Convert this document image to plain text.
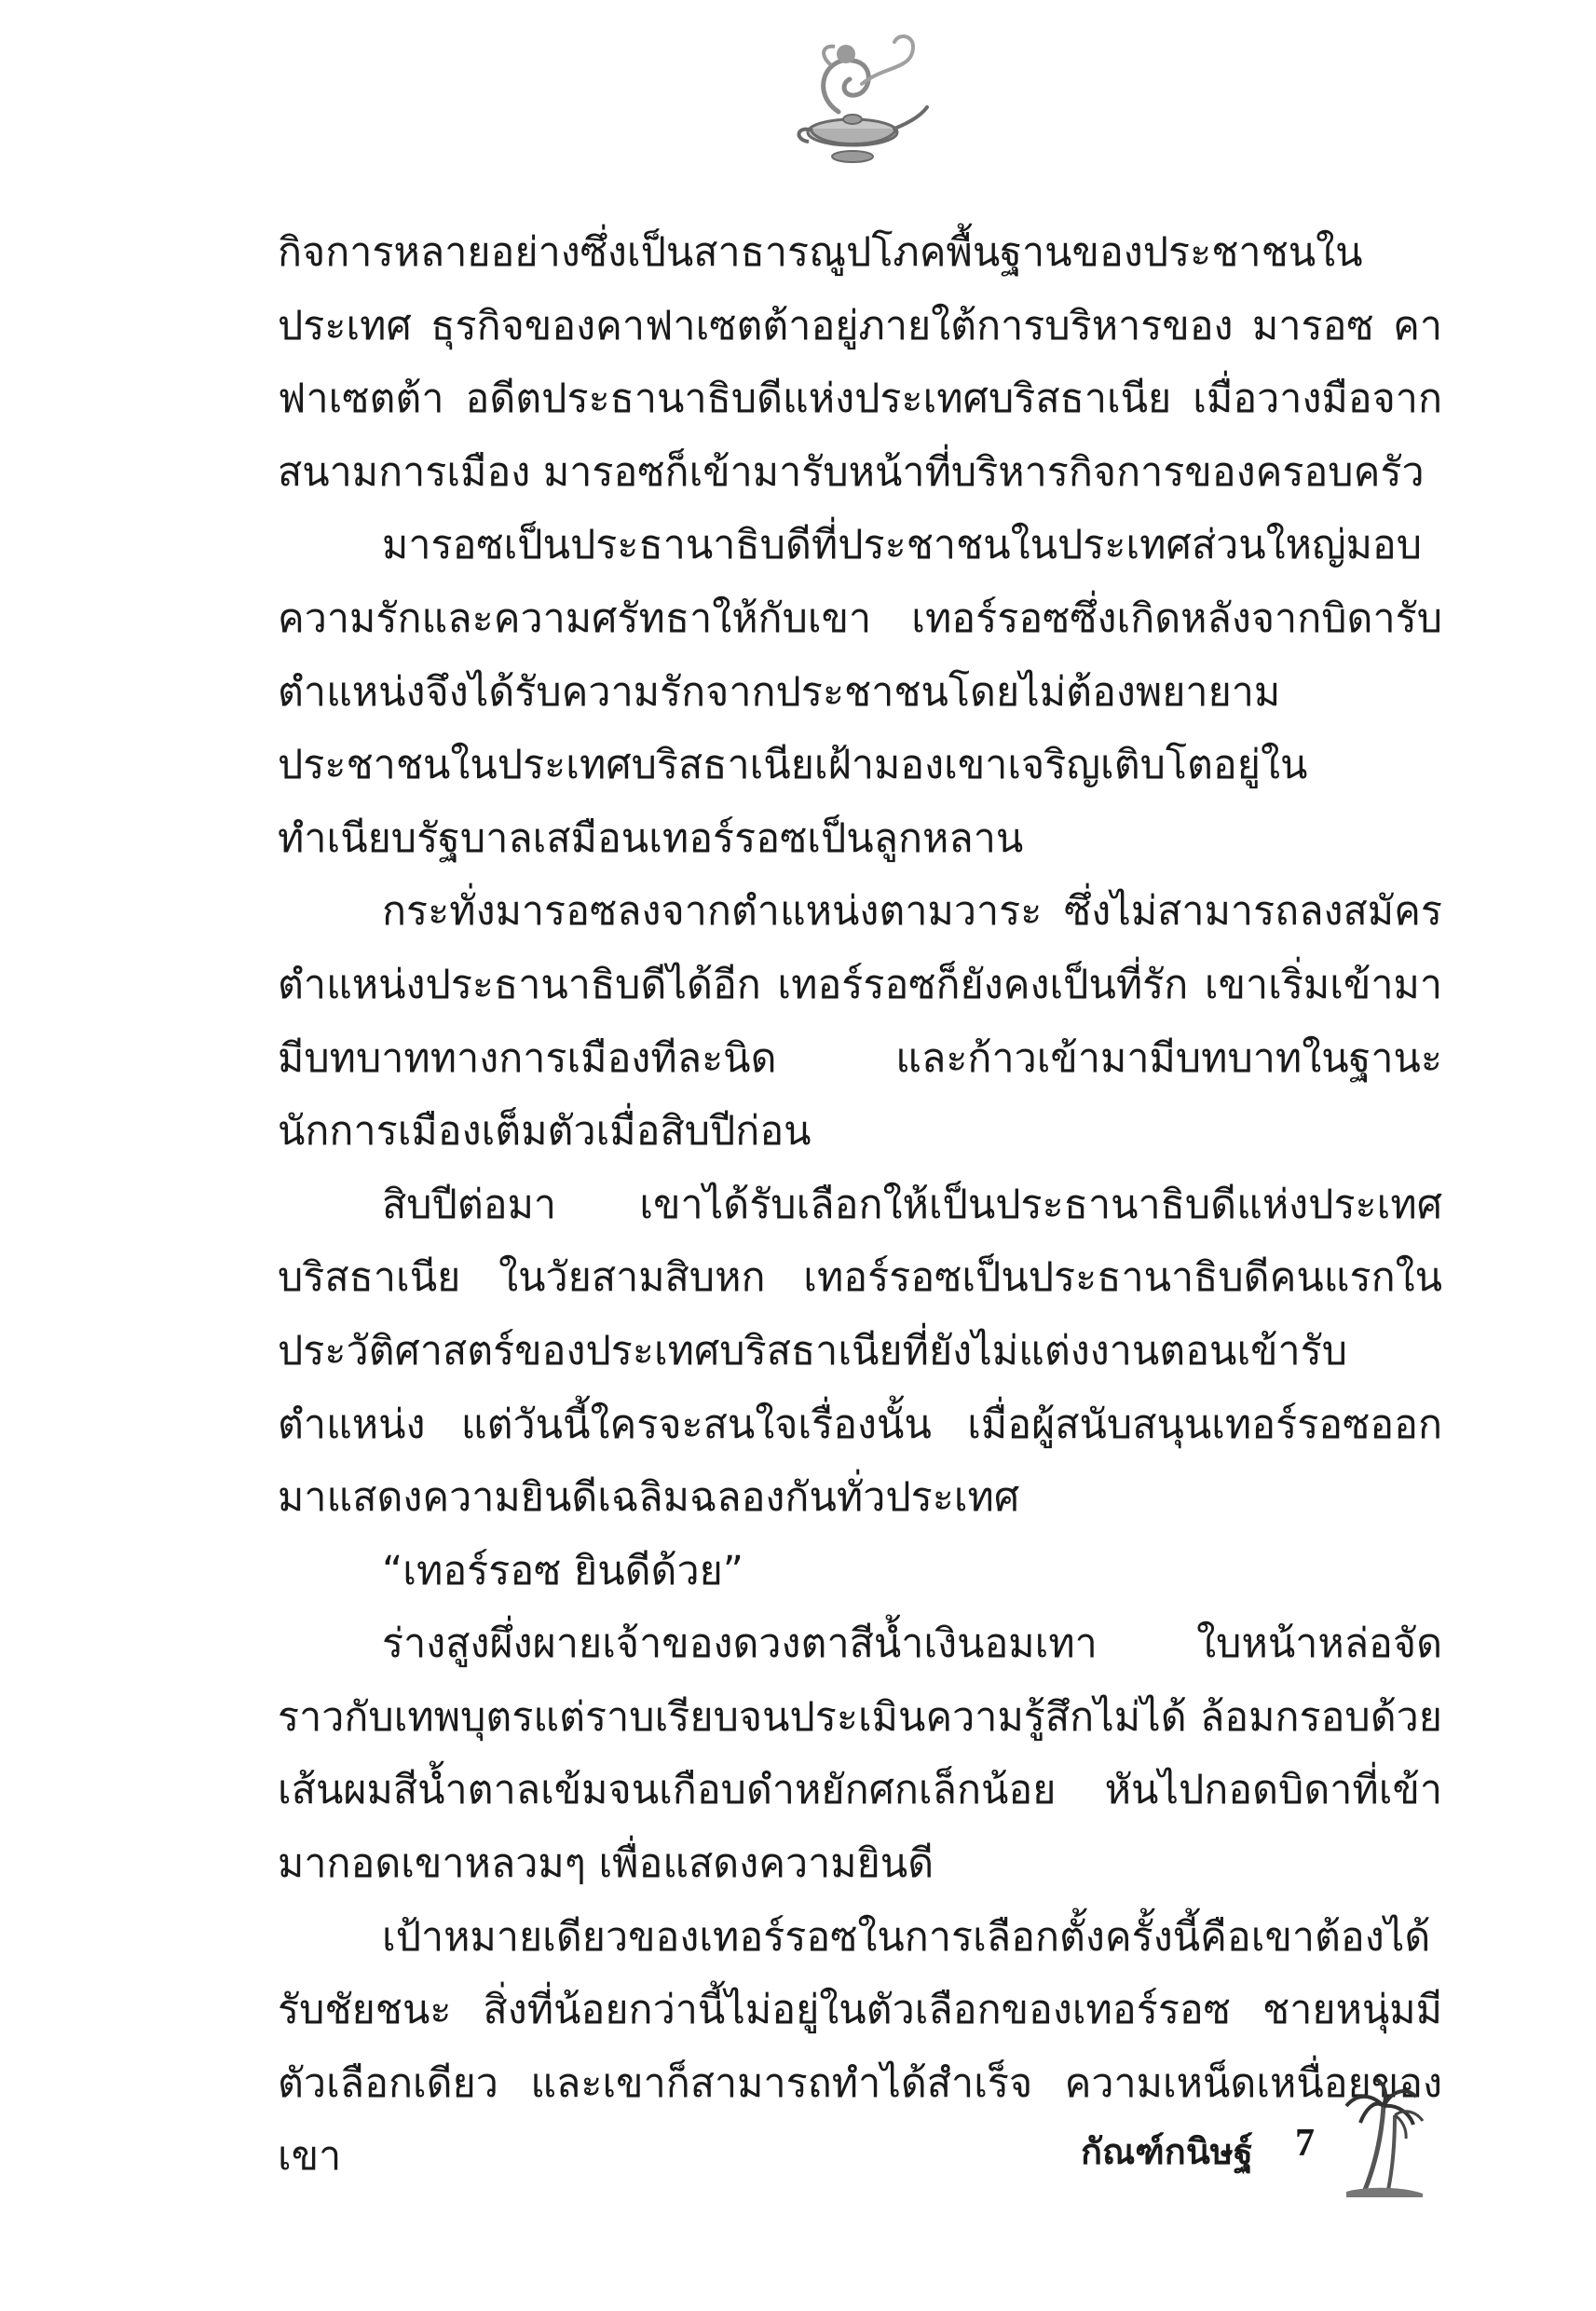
กิจการหลายอย่างซึ่งเป็นสาธารณูปโภคพื้นฐานของประชาชนในประเทศ ธุรกิจของคาฟาเซตต้าอยู่ภายใต้การบริหารของ มารอซ คาฟาเซตต้า อดีตประธานาธิบดีแห่งประเทศบริสธาเนีย เมื่อวางมือจากสนามการเมือง มารอซก็เข้ามารับหน้าที่บริหารกิจการของครอบครัว

มารอซเป็นประธานาธิบดีที่ประชาชนในประเทศส่วนใหญ่มอบความรักและความศรัทธาให้กับเขา เทอร์รอซซึ่งเกิดหลังจากบิดารับตำแหน่งจึงได้รับความรักจากประชาชนโดยไม่ต้องพยายาม ประชาชนในประเทศบริสธาเนียเฝ้ามองเขาเจริญเติบโตอยู่ในทำเนียบรัฐบาลเสมือนเทอร์รอซเป็นลูกหลาน

กระทั่งมารอซลงจากตำแหน่งตามวาระ ซึ่งไม่สามารถลงสมัครตำแหน่งประธานาธิบดีได้อีก เทอร์รอซก็ยังคงเป็นที่รัก เขาเริ่มเข้ามามีบทบาททางการเมืองทีละนิด และก้าวเข้ามามีบทบาทในฐานะนักการเมืองเต็มตัวเมื่อสิบปีก่อน

สิบปีต่อมา เขาได้รับเลือกให้เป็นประธานาธิบดีแห่งประเทศบริสธาเนีย ในวัยสามสิบหก เทอร์รอซเป็นประธานาธิบดีคนแรกในประวัติศาสตร์ของประเทศบริสธาเนียที่ยังไม่แต่งงานตอนเข้ารับตำแหน่ง แต่วันนี้ใครจะสนใจเรื่องนั้น เมื่อผู้สนับสนุนเทอร์รอซออกมาแสดงความยินดีเฉลิมฉลองกันทั่วประเทศ

“เทอร์รอซ ยินดีด้วย”

ร่างสูงผึ่งผายเจ้าของดวงตาสีน้ำเงินอมเทา ใบหน้าหล่อจัดราวกับเทพบุตรแต่ราบเรียบจนประเมินความรู้สึกไม่ได้ ล้อมกรอบด้วยเส้นผมสีน้ำตาลเข้มจนเกือบดำหยักศกเล็กน้อย หันไปกอดบิดาที่เข้ามากอดเขาหลวมๆ เพื่อแสดงความยินดี

เป้าหมายเดียวของเทอร์รอซในการเลือกตั้งครั้งนี้คือเขาต้องได้รับชัยชนะ สิ่งที่น้อยกว่านี้ไม่อยู่ในตัวเลือกของเทอร์รอซ ชายหนุ่มมีตัวเลือกเดียว และเขาก็สามารถทำได้สำเร็จ ความเหน็ดเหนื่อยของเขา	กัณฑ์กนิษฐ์ 7
